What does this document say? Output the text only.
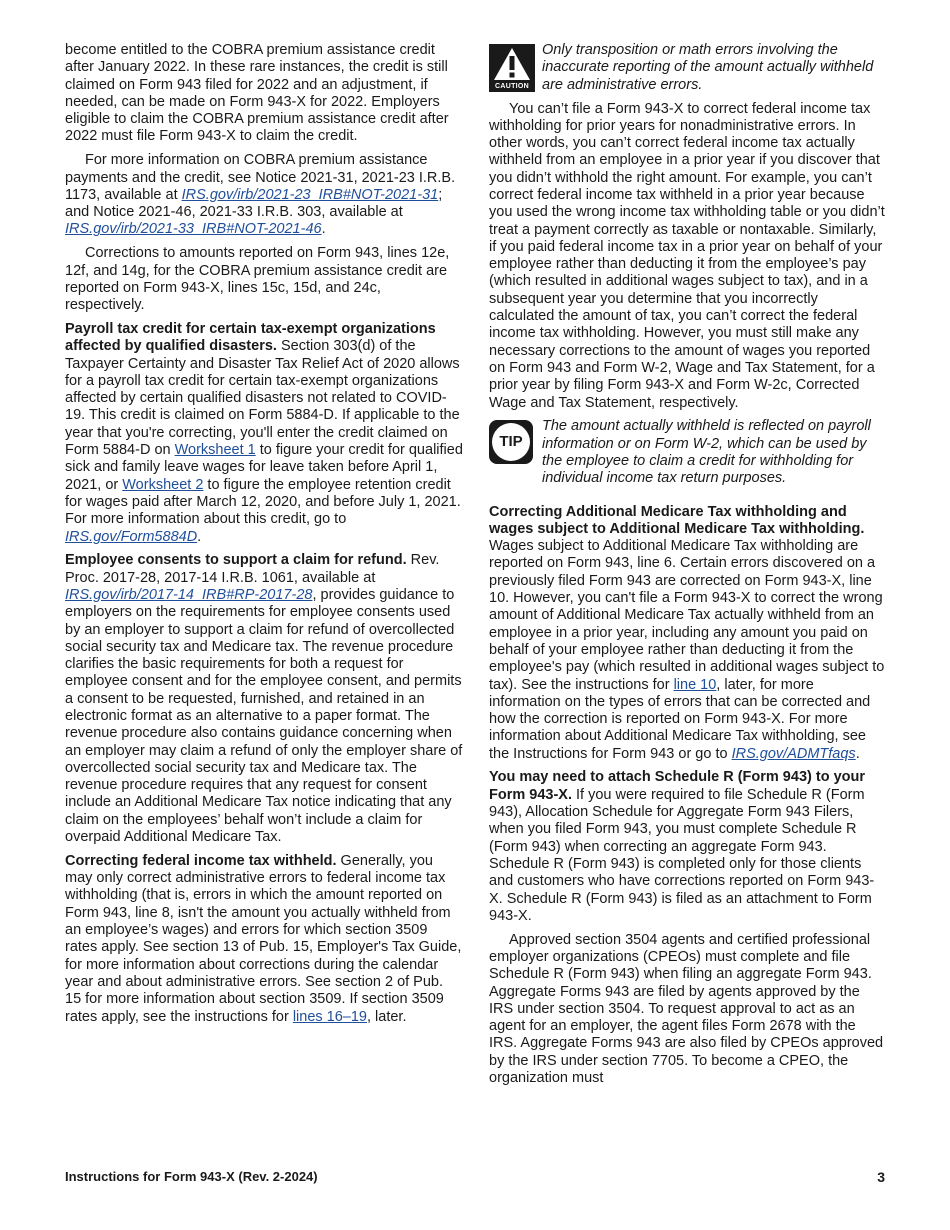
become entitled to the COBRA premium assistance credit after January 2022. In these rare instances, the credit is still claimed on Form 943 filed for 2022 and an adjustment, if needed, can be made on Form 943-X for 2022. Employers eligible to claim the COBRA premium assistance credit after 2022 must file Form 943-X to claim the credit.

For more information on COBRA premium assistance payments and the credit, see Notice 2021-31, 2021-23 I.R.B. 1173, available at IRS.gov/irb/2021-23_IRB#NOT-2021-31; and Notice 2021-46, 2021-33 I.R.B. 303, available at IRS.gov/irb/2021-33_IRB#NOT-2021-46.

Corrections to amounts reported on Form 943, lines 12e, 12f, and 14g, for the COBRA premium assistance credit are reported on Form 943-X, lines 15c, 15d, and 24c, respectively.

Payroll tax credit for certain tax-exempt organizations affected by qualified disasters. Section 303(d) of the Taxpayer Certainty and Disaster Tax Relief Act of 2020 allows for a payroll tax credit for certain tax-exempt organizations affected by certain qualified disasters not related to COVID-19. This credit is claimed on Form 5884-D. If applicable to the year that you're correcting, you'll enter the credit claimed on Form 5884-D on Worksheet 1 to figure your credit for qualified sick and family leave wages for leave taken before April 1, 2021, or Worksheet 2 to figure the employee retention credit for wages paid after March 12, 2020, and before July 1, 2021. For more information about this credit, go to IRS.gov/Form5884D.

Employee consents to support a claim for refund. Rev. Proc. 2017-28, 2017-14 I.R.B. 1061, available at IRS.gov/irb/2017-14_IRB#RP-2017-28, provides guidance to employers on the requirements for employee consents used by an employer to support a claim for refund of overcollected social security tax and Medicare tax. The revenue procedure clarifies the basic requirements for both a request for employee consent and for the employee consent, and permits a consent to be requested, furnished, and retained in an electronic format as an alternative to a paper format. The revenue procedure also contains guidance concerning when an employer may claim a refund of only the employer share of overcollected social security tax and Medicare tax. The revenue procedure requires that any request for consent include an Additional Medicare Tax notice indicating that any claim on the employees’ behalf won’t include a claim for overpaid Additional Medicare Tax.

Correcting federal income tax withheld. Generally, you may only correct administrative errors to federal income tax withholding (that is, errors in which the amount reported on Form 943, line 8, isn't the amount you actually withheld from an employee’s wages) and errors for which section 3509 rates apply. See section 13 of Pub. 15, Employer's Tax Guide, for more information about corrections during the calendar year and about administrative errors. See section 2 of Pub. 15 for more information about section 3509. If section 3509 rates apply, see the instructions for lines 16–19, later.

CAUTION
Only transposition or math errors involving the inaccurate reporting of the amount actually withheld are administrative errors.

You can’t file a Form 943-X to correct federal income tax withholding for prior years for nonadministrative errors. In other words, you can’t correct federal income tax actually withheld from an employee in a prior year if you discover that you didn’t withhold the right amount. For example, you can’t correct federal income tax withheld in a prior year because you used the wrong income tax withholding table or you didn’t treat a payment correctly as taxable or nontaxable. Similarly, if you paid federal income tax in a prior year on behalf of your employee rather than deducting it from the employee’s pay (which resulted in additional wages subject to tax), and in a subsequent year you determine that you incorrectly calculated the amount of tax, you can’t correct the federal income tax withholding. However, you must still make any necessary corrections to the amount of wages you reported on Form 943 and Form W-2, Wage and Tax Statement, for a prior year by filing Form 943-X and Form W-2c, Corrected Wage and Tax Statement, respectively.

TIP
The amount actually withheld is reflected on payroll information or on Form W-2, which can be used by the employee to claim a credit for withholding for individual income tax return purposes.

Correcting Additional Medicare Tax withholding and wages subject to Additional Medicare Tax withholding. Wages subject to Additional Medicare Tax withholding are reported on Form 943, line 6. Certain errors discovered on a previously filed Form 943 are corrected on Form 943-X, line 10. However, you can't file a Form 943-X to correct the wrong amount of Additional Medicare Tax actually withheld from an employee in a prior year, including any amount you paid on behalf of your employee rather than deducting it from the employee's pay (which resulted in additional wages subject to tax). See the instructions for line 10, later, for more information on the types of errors that can be corrected and how the correction is reported on Form 943-X. For more information about Additional Medicare Tax withholding, see the Instructions for Form 943 or go to IRS.gov/ADMTfaqs.

You may need to attach Schedule R (Form 943) to your Form 943-X. If you were required to file Schedule R (Form 943), Allocation Schedule for Aggregate Form 943 Filers, when you filed Form 943, you must complete Schedule R (Form 943) when correcting an aggregate Form 943. Schedule R (Form 943) is completed only for those clients and customers who have corrections reported on Form 943-X. Schedule R (Form 943) is filed as an attachment to Form 943-X.

Approved section 3504 agents and certified professional employer organizations (CPEOs) must complete and file Schedule R (Form 943) when filing an aggregate Form 943. Aggregate Forms 943 are filed by agents approved by the IRS under section 3504. To request approval to act as an agent for an employer, the agent files Form 2678 with the IRS. Aggregate Forms 943 are also filed by CPEOs approved by the IRS under section 7705. To become a CPEO, the organization must

Instructions for Form 943-X (Rev. 2-2024)	3
